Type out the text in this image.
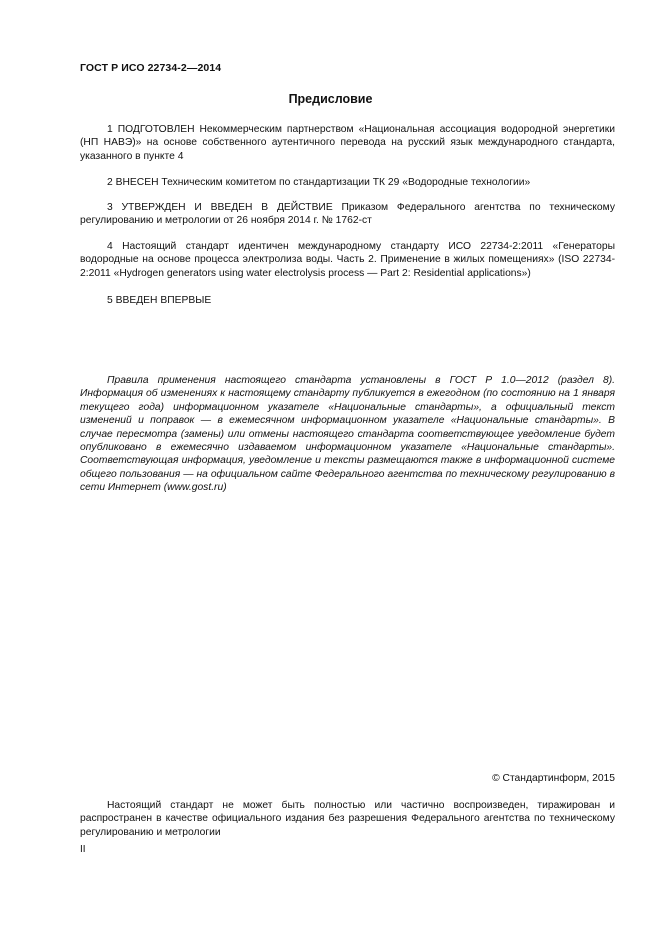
ГОСТ Р ИСО 22734-2—2014
Предисловие
1 ПОДГОТОВЛЕН Некоммерческим партнерством «Национальная ассоциация водородной энергетики (НП НАВЭ)» на основе собственного аутентичного перевода на русский язык международного стандарта, указанного в пункте 4
2 ВНЕСЕН Техническим комитетом по стандартизации ТК 29 «Водородные технологии»
3 УТВЕРЖДЕН И ВВЕДЕН В ДЕЙСТВИЕ Приказом Федерального агентства по техническому регулированию и метрологии от 26 ноября 2014 г. № 1762-ст
4 Настоящий стандарт идентичен международному стандарту ИСО 22734-2:2011 «Генераторы водородные на основе процесса электролиза воды. Часть 2. Применение в жилых помещениях» (ISO 22734-2:2011 «Hydrogen generators using water electrolysis process — Part 2: Residential applications»)
5 ВВЕДЕН ВПЕРВЫЕ
Правила применения настоящего стандарта установлены в ГОСТ Р 1.0—2012 (раздел 8). Информация об изменениях к настоящему стандарту публикуется в ежегодном (по состоянию на 1 января текущего года) информационном указателе «Национальные стандарты», а официальный текст изменений и поправок — в ежемесячном информационном указателе «Национальные стандарты». В случае пересмотра (замены) или отмены настоящего стандарта соответствующее уведомление будет опубликовано в ежемесячно издаваемом информационном указателе «Национальные стандарты». Соответствующая информация, уведомление и тексты размещаются также в информационной системе общего пользования — на официальном сайте Федерального агентства по техническому регулированию в сети Интернет (www.gost.ru)
© Стандартинформ, 2015
Настоящий стандарт не может быть полностью или частично воспроизведен, тиражирован и распространен в качестве официального издания без разрешения Федерального агентства по техническому регулированию и метрологии
II
